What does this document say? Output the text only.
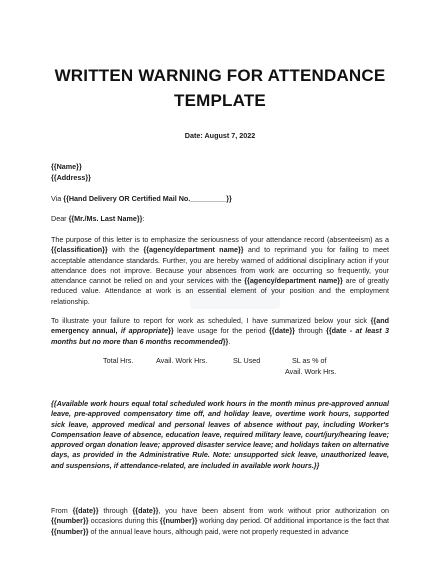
WRITTEN WARNING FOR ATTENDANCE
TEMPLATE
Date: August 7, 2022
{{Name}}
{{Address}}
Via {{Hand Delivery OR Certified Mail No._________}}
Dear {{Mr./Ms. Last Name}}:
The purpose of this letter is to emphasize the seriousness of your attendance record (absenteeism) as a {{classification}} with the {{agency/department name}} and to reprimand you for failing to meet acceptable attendance standards. Further, you are hereby warned of additional disciplinary action if your attendance does not improve. Because your absences from work are occurring so frequently, your attendance cannot be relied on and your services with the {{agency/department name}} are of greatly reduced value. Attendance at work is an essential element of your position and the employment relationship.
To illustrate your failure to report for work as scheduled, I have summarized below your sick {{and emergency annual, if appropriate}} leave usage for the period {{date}} through {{date - at least 3 months but no more than 6 months recommended}}.
Total Hrs.	Avail. Work Hrs.	SL Used	SL as % of
Avail. Work Hrs.
{{Available work hours equal total scheduled work hours in the month minus pre-approved annual leave, pre-approved compensatory time off, and holiday leave, overtime work hours, supported sick leave, approved medical and personal leaves of absence without pay, including Worker's Compensation leave of absence, education leave, required military leave, court/jury/hearing leave; approved organ donation leave; approved disaster service leave; and holidays taken on alternative days, as provided in the Administrative Rule. Note: unsupported sick leave, unauthorized leave, and suspensions, if attendance-related, are included in available work hours.}}
From {{date}} through {{date}}, you have been absent from work without prior authorization on {{number}} occasions during this {{number}} working day period. Of additional importance is the fact that {{number}} of the annual leave hours, although paid, were not properly requested in advance
